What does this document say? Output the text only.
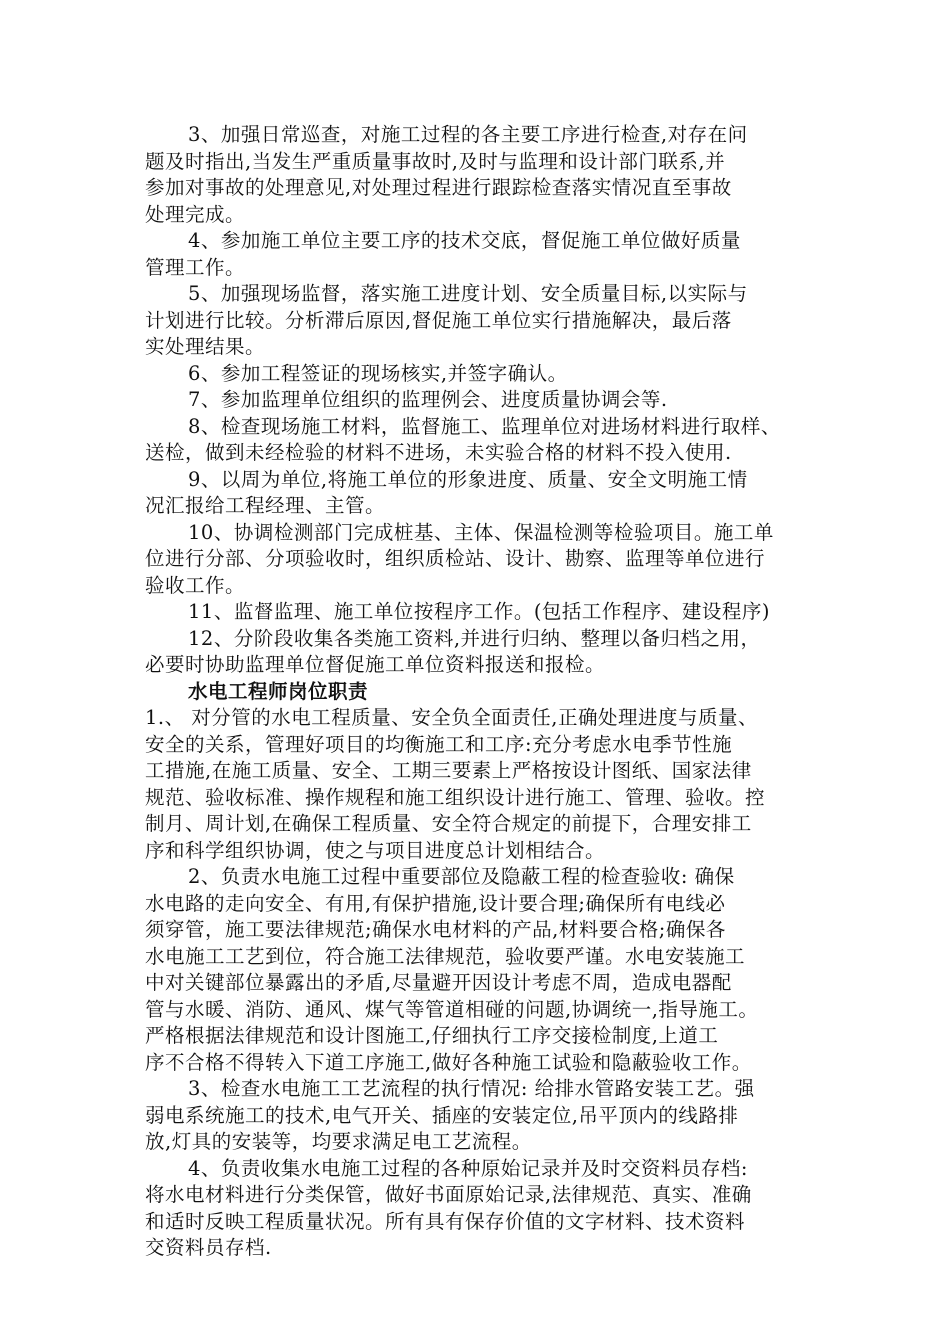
3、加强日常巡查，对施工过程的各主要工序进行检查,对存在问
题及时指出,当发生严重质量事故时,及时与监理和设计部门联系,并
参加对事故的处理意见,对处理过程进行跟踪检查落实情况直至事故
处理完成。
4、参加施工单位主要工序的技术交底，督促施工单位做好质量
管理工作。
5、加强现场监督，落实施工进度计划、安全质量目标,以实际与
计划进行比较。分析滞后原因,督促施工单位实行措施解决，最后落
实处理结果。
6、参加工程签证的现场核实,并签字确认。
7、参加监理单位组织的监理例会、进度质量协调会等.
8、检查现场施工材料，监督施工、监理单位对进场材料进行取样、
送检，做到未经检验的材料不进场，未实验合格的材料不投入使用.
9、以周为单位,将施工单位的形象进度、质量、安全文明施工情
况汇报给工程经理、主管。
10、协调检测部门完成桩基、主体、保温检测等检验项目。施工单
位进行分部、分项验收时，组织质检站、设计、勘察、监理等单位进行
验收工作。
11、监督监理、施工单位按程序工作。(包括工作程序、建设程序)
12、分阶段收集各类施工资料,并进行归纳、整理以备归档之用，
必要时协助监理单位督促施工单位资料报送和报检。
水电工程师岗位职责
1.、 对分管的水电工程质量、安全负全面责任,正确处理进度与质量、
安全的关系，管理好项目的均衡施工和工序:充分考虑水电季节性施
工措施,在施工质量、安全、工期三要素上严格按设计图纸、国家法律
规范、验收标准、操作规程和施工组织设计进行施工、管理、验收。控
制月、周计划,在确保工程质量、安全符合规定的前提下，合理安排工
序和科学组织协调，使之与项目进度总计划相结合。
2、负责水电施工过程中重要部位及隐蔽工程的检查验收: 确保
水电路的走向安全、有用,有保护措施,设计要合理;确保所有电线必
须穿管，施工要法律规范;确保水电材料的产品,材料要合格;确保各
水电施工工艺到位，符合施工法律规范，验收要严谨。水电安装施工
中对关键部位暴露出的矛盾,尽量避开因设计考虑不周，造成电器配
管与水暖、消防、通风、煤气等管道相碰的问题,协调统一,指导施工。
严格根据法律规范和设计图施工,仔细执行工序交接检制度,上道工
序不合格不得转入下道工序施工,做好各种施工试验和隐蔽验收工作。
3、检查水电施工工艺流程的执行情况: 给排水管路安装工艺。强
弱电系统施工的技术,电气开关、插座的安装定位,吊平顶内的线路排
放,灯具的安装等，均要求满足电工艺流程。
4、负责收集水电施工过程的各种原始记录并及时交资料员存档:
将水电材料进行分类保管，做好书面原始记录,法律规范、真实、准确
和适时反映工程质量状况。所有具有保存价值的文字材料、技术资料
交资料员存档.
